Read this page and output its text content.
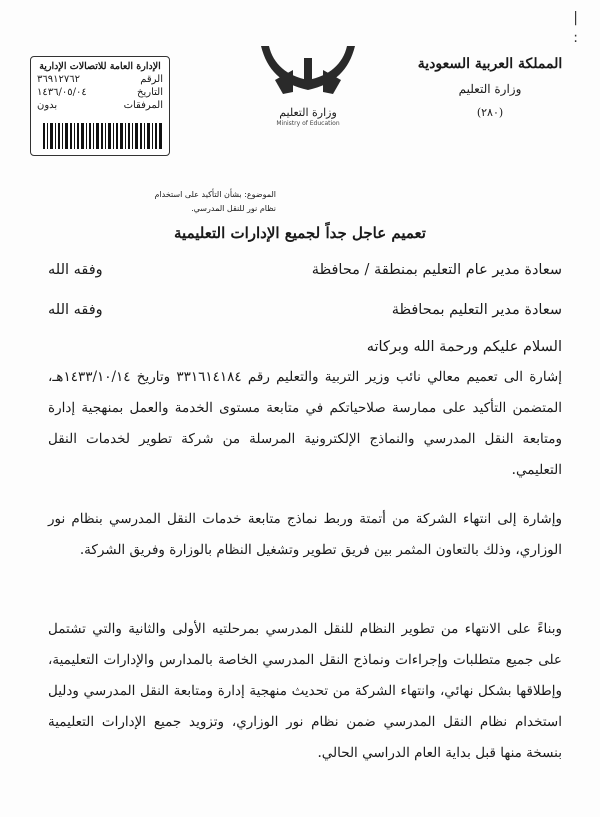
|
:
المملكة العربية السعودية
وزارة التعليم
(٢٨٠)
وزارة التعليم
Ministry of Education
الإدارة العامة للاتصالات الإدارية
الرقم
٣٦٩١٢٧٦٢
التاريخ
١٤٣٦/٠٥/٠٤
المرفقات
بدون
الموضوع: بشأن التأكيد على استخدام
نظام نور للنقل المدرسي.
تعميم عاجل جداً لجميع الإدارات التعليمية
سعادة مدير عام التعليم بمنطقة / محافظة
وفقه الله
سعادة مدير التعليم بمحافظة
وفقه الله
السلام عليكم ورحمة الله وبركاته
إشارة الى تعميم معالي نائب وزير التربية والتعليم رقم ٣٣١٦١٤١٨٤ وتاريخ ١٤٣٣/١٠/١٤هـ، المتضمن التأكيد على ممارسة صلاحياتكم في متابعة مستوى الخدمة والعمل بمنهجية إدارة ومتابعة النقل المدرسي والنماذج الإلكترونية المرسلة من شركة تطوير لخدمات النقل التعليمي.
وإشارة إلى انتهاء الشركة من أتمتة وربط نماذج متابعة خدمات النقل المدرسي بنظام نور الوزاري، وذلك بالتعاون المثمر بين فريق تطوير وتشغيل النظام بالوزارة وفريق الشركة.
وبناءً على الانتهاء من تطوير النظام للنقل المدرسي بمرحلتيه الأولى والثانية والتي تشتمل على جميع متطلبات وإجراءات ونماذج النقل المدرسي الخاصة بالمدارس والإدارات التعليمية، وإطلاقها بشكل نهائي، وانتهاء الشركة من تحديث منهجية إدارة ومتابعة النقل المدرسي ودليل استخدام نظام النقل المدرسي ضمن نظام نور الوزاري، وتزويد جميع الإدارات التعليمية بنسخة منها قبل بداية العام الدراسي الحالي.
